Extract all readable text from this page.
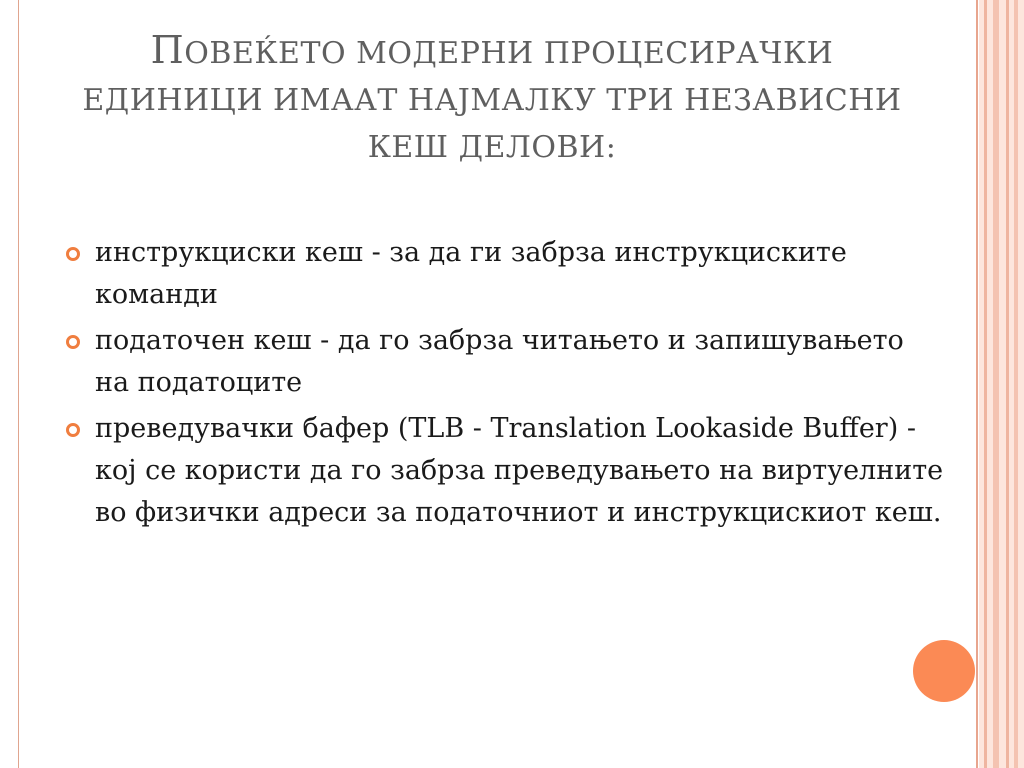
ПОВЕЌЕТО МОДЕРНИ ПРОЦЕСИРАЧКИ
ЕДИНИЦИ ИМААТ НАЈМАЛКУ ТРИ НЕЗАВИСНИ
КЕШ ДЕЛОВИ:
инструкциски кеш - за да ги забрза инструкциските команди
податочен кеш - да го забрза читањето и запишувањето на податоците
преведувачки бафер (TLB - Translation Lookaside Buffer) - кој се користи да го забрза преведувањето на виртуелните во физички адреси за податочниот и инструкцискиот кеш.
